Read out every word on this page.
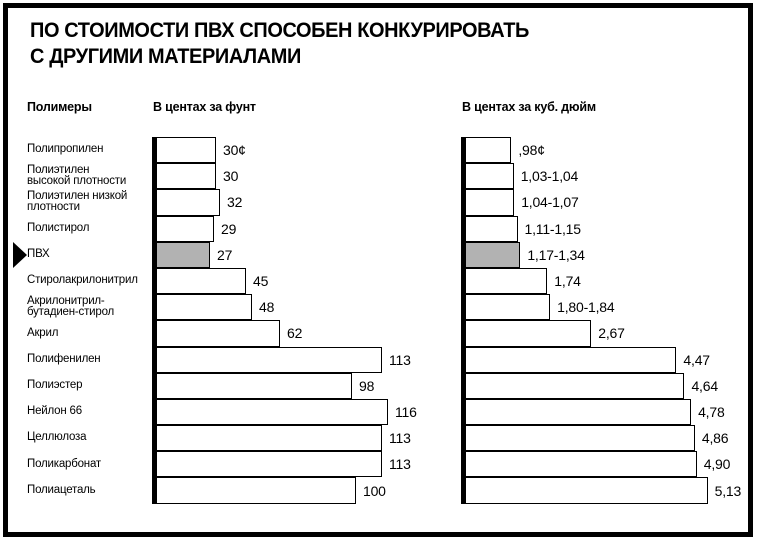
ПО СТОИМОСТИ ПВХ СПОСОБЕН КОНКУРИРОВАТЬ
С ДРУГИМИ МАТЕРИАЛАМИ
Полимеры	В центах за фунт	В центах за куб. дюйм
Полипропилен
Полиэтилен
высокой плотности
Полиэтилен низкой
плотности
Полистирол
ПВХ
Стиролакрилонитрил
Акрилонитрил-
бутадиен-стирол
Акрил
Полифенилен
Полиэстер
Нейлон 66
Целлюлоза
Поликарбонат
Полиацеталь
30¢
30
32
29
27
45
48
62
113
98
116
113
113
100
,98¢
1,03-1,04
1,04-1,07
1,11-1,15
1,17-1,34
1,74
1,80-1,84
2,67
4,47
4,64
4,78
4,86
4,90
5,13
